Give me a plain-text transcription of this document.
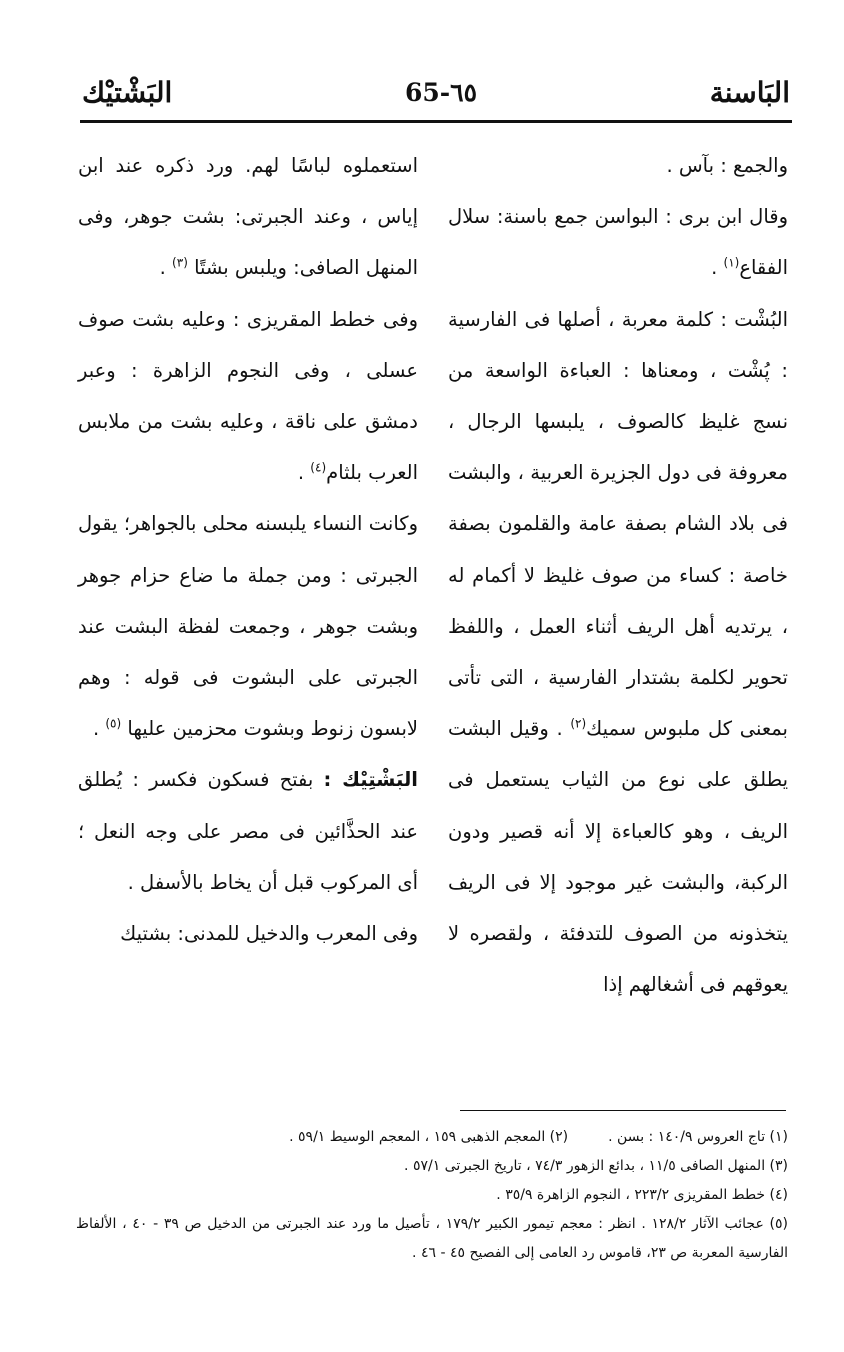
البَاسنة
65-٦٥
البَشْتيْك

والجمع : بآس .

وقال ابن برى : البواسن جمع باسنة: سلال الفقاع$^{(١)}$ .

البُشْت : كلمة معربة ، أصلها فى الفارسية : پُشْت ، ومعناها : العباءة الواسعة من نسج غليظ كالصوف ، يلبسها الرجال ، معروفة فى دول الجزيرة العربية ، والبشت فى بلاد الشام بصفة عامة والقلمون بصفة خاصة : كساء من صوف غليظ لا أكمام له ، يرتديه أهل الريف أثناء العمل ، واللفظ تحوير لكلمة بشتدار الفارسية ، التى تأتى بمعنى كل ملبوس سميك$^{(٢)}$ . وقيل البشت يطلق على نوع من الثياب يستعمل فى الريف ، وهو كالعباءة إلا أنه قصير ودون الركبة، والبشت غير موجود إلا فى الريف يتخذونه من الصوف للتدفئة ، ولقصره لا يعوقهم فى أشغالهم إذا

استعملوه لباسًا لهم. ورد ذكره عند ابن إياس ، وعند الجبرتى: بشت جوهر، وفى المنهل الصافى: ويلبس بشتًا $^{(٣)}$ .

وفى خطط المقريزى : وعليه بشت صوف عسلى ، وفى النجوم الزاهرة : وعبر دمشق على ناقة ، وعليه بشت من ملابس العرب بلثام$^{(٤)}$ .

وكانت النساء يلبسنه محلى بالجواهر؛ يقول الجبرتى : ومن جملة ما ضاع حزام جوهر وبشت جوهر ، وجمعت لفظة البشت عند الجبرتى على البشوت فى قوله : وهم لابسون زنوط وبشوت محزمين عليها $^{(٥)}$ .

البَشْتِيْك : بفتح فسكون فكسر : يُطلق عند الحذَّائين فى مصر على وجه النعل ؛ أى المركوب قبل أن يخاط بالأسفل .

وفى المعرب والدخيل للمدنى: بشتيك

(١) تاج العروس ١٤٠/٩ : بسن .(٢) المعجم الذهبى ١٥٩ ، المعجم الوسيط ٥٩/١ .

(٣) المنهل الصافى ١١/٥ ، بدائع الزهور ٧٤/٣ ، تاريخ الجبرتى ٥٧/١ .

(٤) خطط المقريزى ٢٢٣/٢ ، النجوم الزاهرة ٣٥/٩ .

(٥) عجائب الآثار ١٢٨/٢ . انظر : معجم تيمور الكبير ١٧٩/٢ ، تأصيل ما ورد عند الجبرتى من الدخيل ص ٣٩ - ٤٠ ، الألفاظ الفارسية المعربة ص ٢٣، قاموس رد العامى إلى الفصيح ٤٥ - ٤٦ .
